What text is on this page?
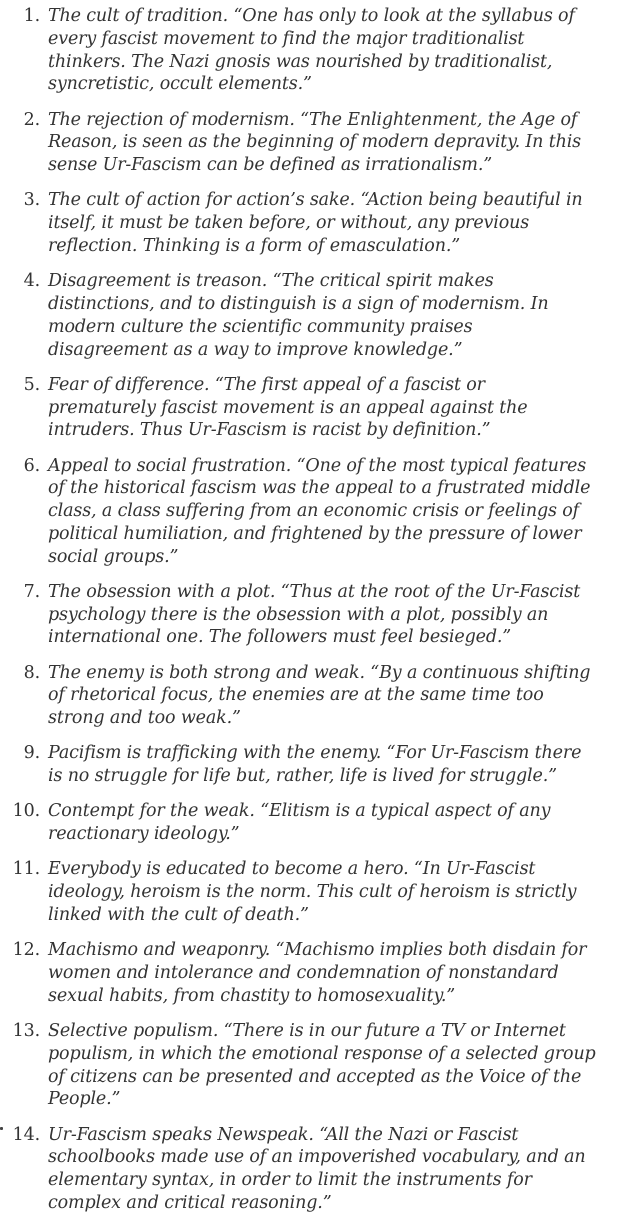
1. The cult of tradition. “One has only to look at the syllabus of
every fascist movement to find the major traditionalist
thinkers. The Nazi gnosis was nourished by traditionalist,
syncretistic, occult elements.”
2. The rejection of modernism. “The Enlightenment, the Age of
Reason, is seen as the beginning of modern depravity. In this
sense Ur-Fascism can be defined as irrationalism.”
3. The cult of action for action’s sake. “Action being beautiful in
itself, it must be taken before, or without, any previous
reflection. Thinking is a form of emasculation.”
4. Disagreement is treason. “The critical spirit makes
distinctions, and to distinguish is a sign of modernism. In
modern culture the scientific community praises
disagreement as a way to improve knowledge.”
5. Fear of difference. “The first appeal of a fascist or
prematurely fascist movement is an appeal against the
intruders. Thus Ur-Fascism is racist by definition.”
6. Appeal to social frustration. “One of the most typical features
of the historical fascism was the appeal to a frustrated middle
class, a class suffering from an economic crisis or feelings of
political humiliation, and frightened by the pressure of lower
social groups.”
7. The obsession with a plot. “Thus at the root of the Ur-Fascist
psychology there is the obsession with a plot, possibly an
international one. The followers must feel besieged.”
8. The enemy is both strong and weak. “By a continuous shifting
of rhetorical focus, the enemies are at the same time too
strong and too weak.”
9. Pacifism is trafficking with the enemy. “For Ur-Fascism there
is no struggle for life but, rather, life is lived for struggle.”
10. Contempt for the weak. “Elitism is a typical aspect of any
reactionary ideology.”
11. Everybody is educated to become a hero. “In Ur-Fascist
ideology, heroism is the norm. This cult of heroism is strictly
linked with the cult of death.”
12. Machismo and weaponry. “Machismo implies both disdain for
women and intolerance and condemnation of nonstandard
sexual habits, from chastity to homosexuality.”
13. Selective populism. “There is in our future a TV or Internet
populism, in which the emotional response of a selected group
of citizens can be presented and accepted as the Voice of the
People.”
14. Ur-Fascism speaks Newspeak. “All the Nazi or Fascist
schoolbooks made use of an impoverished vocabulary, and an
elementary syntax, in order to limit the instruments for
complex and critical reasoning.”
